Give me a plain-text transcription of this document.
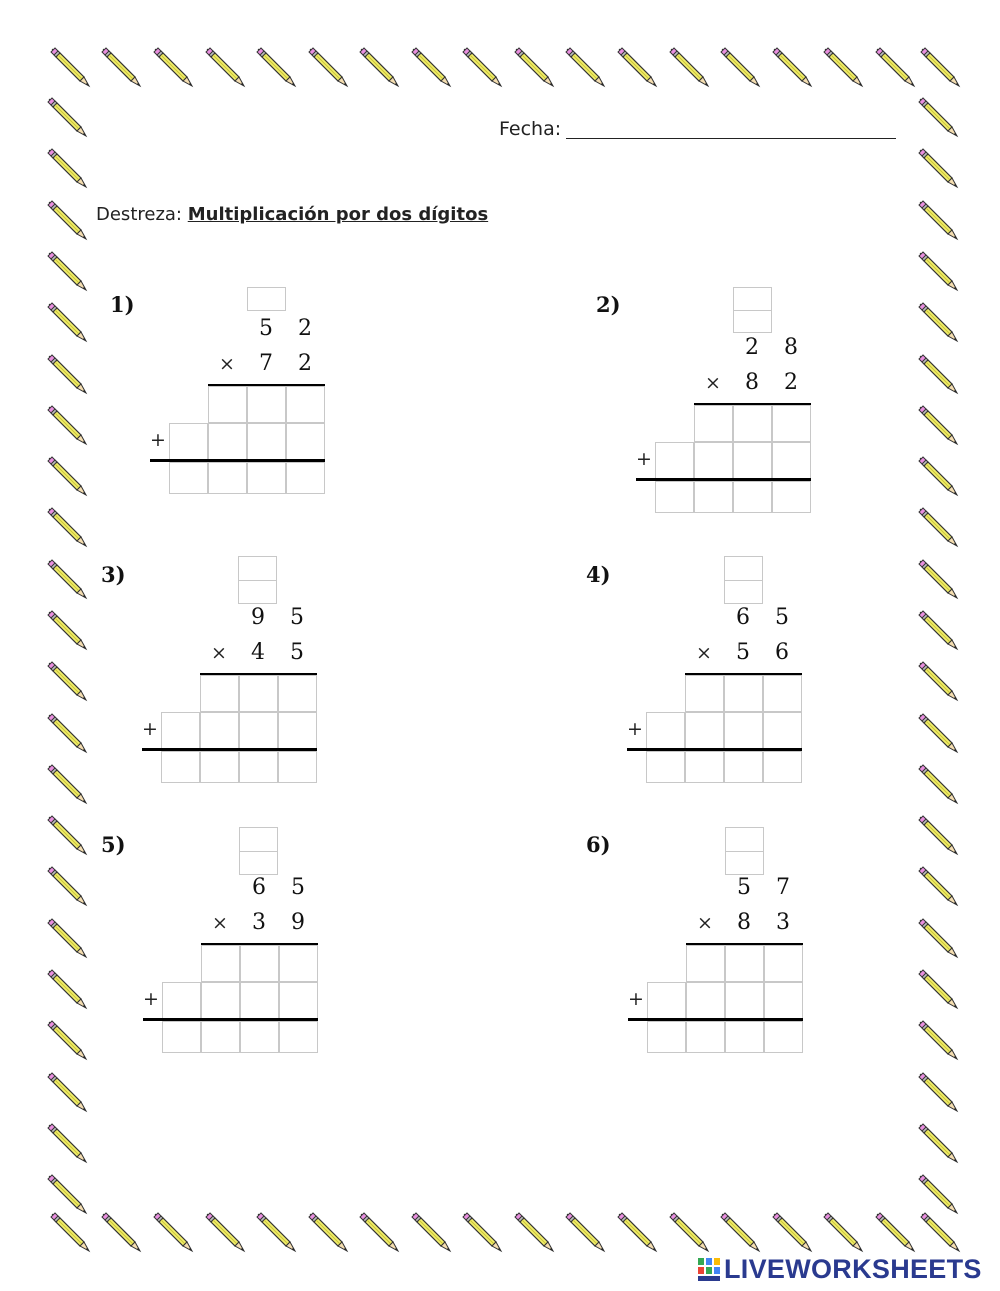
Fecha:
Destreza: Multiplicación por dos dígitos
1)
5	2
7	2
×
+
2)
2	8
8	2
×
+
3)
9	5
4	5
×
+
4)
6	5
5	6
×
+
5)
6	5
3	9
×
+
6)
5	7
8	3
×
+
LIVEWORKSHEETS
